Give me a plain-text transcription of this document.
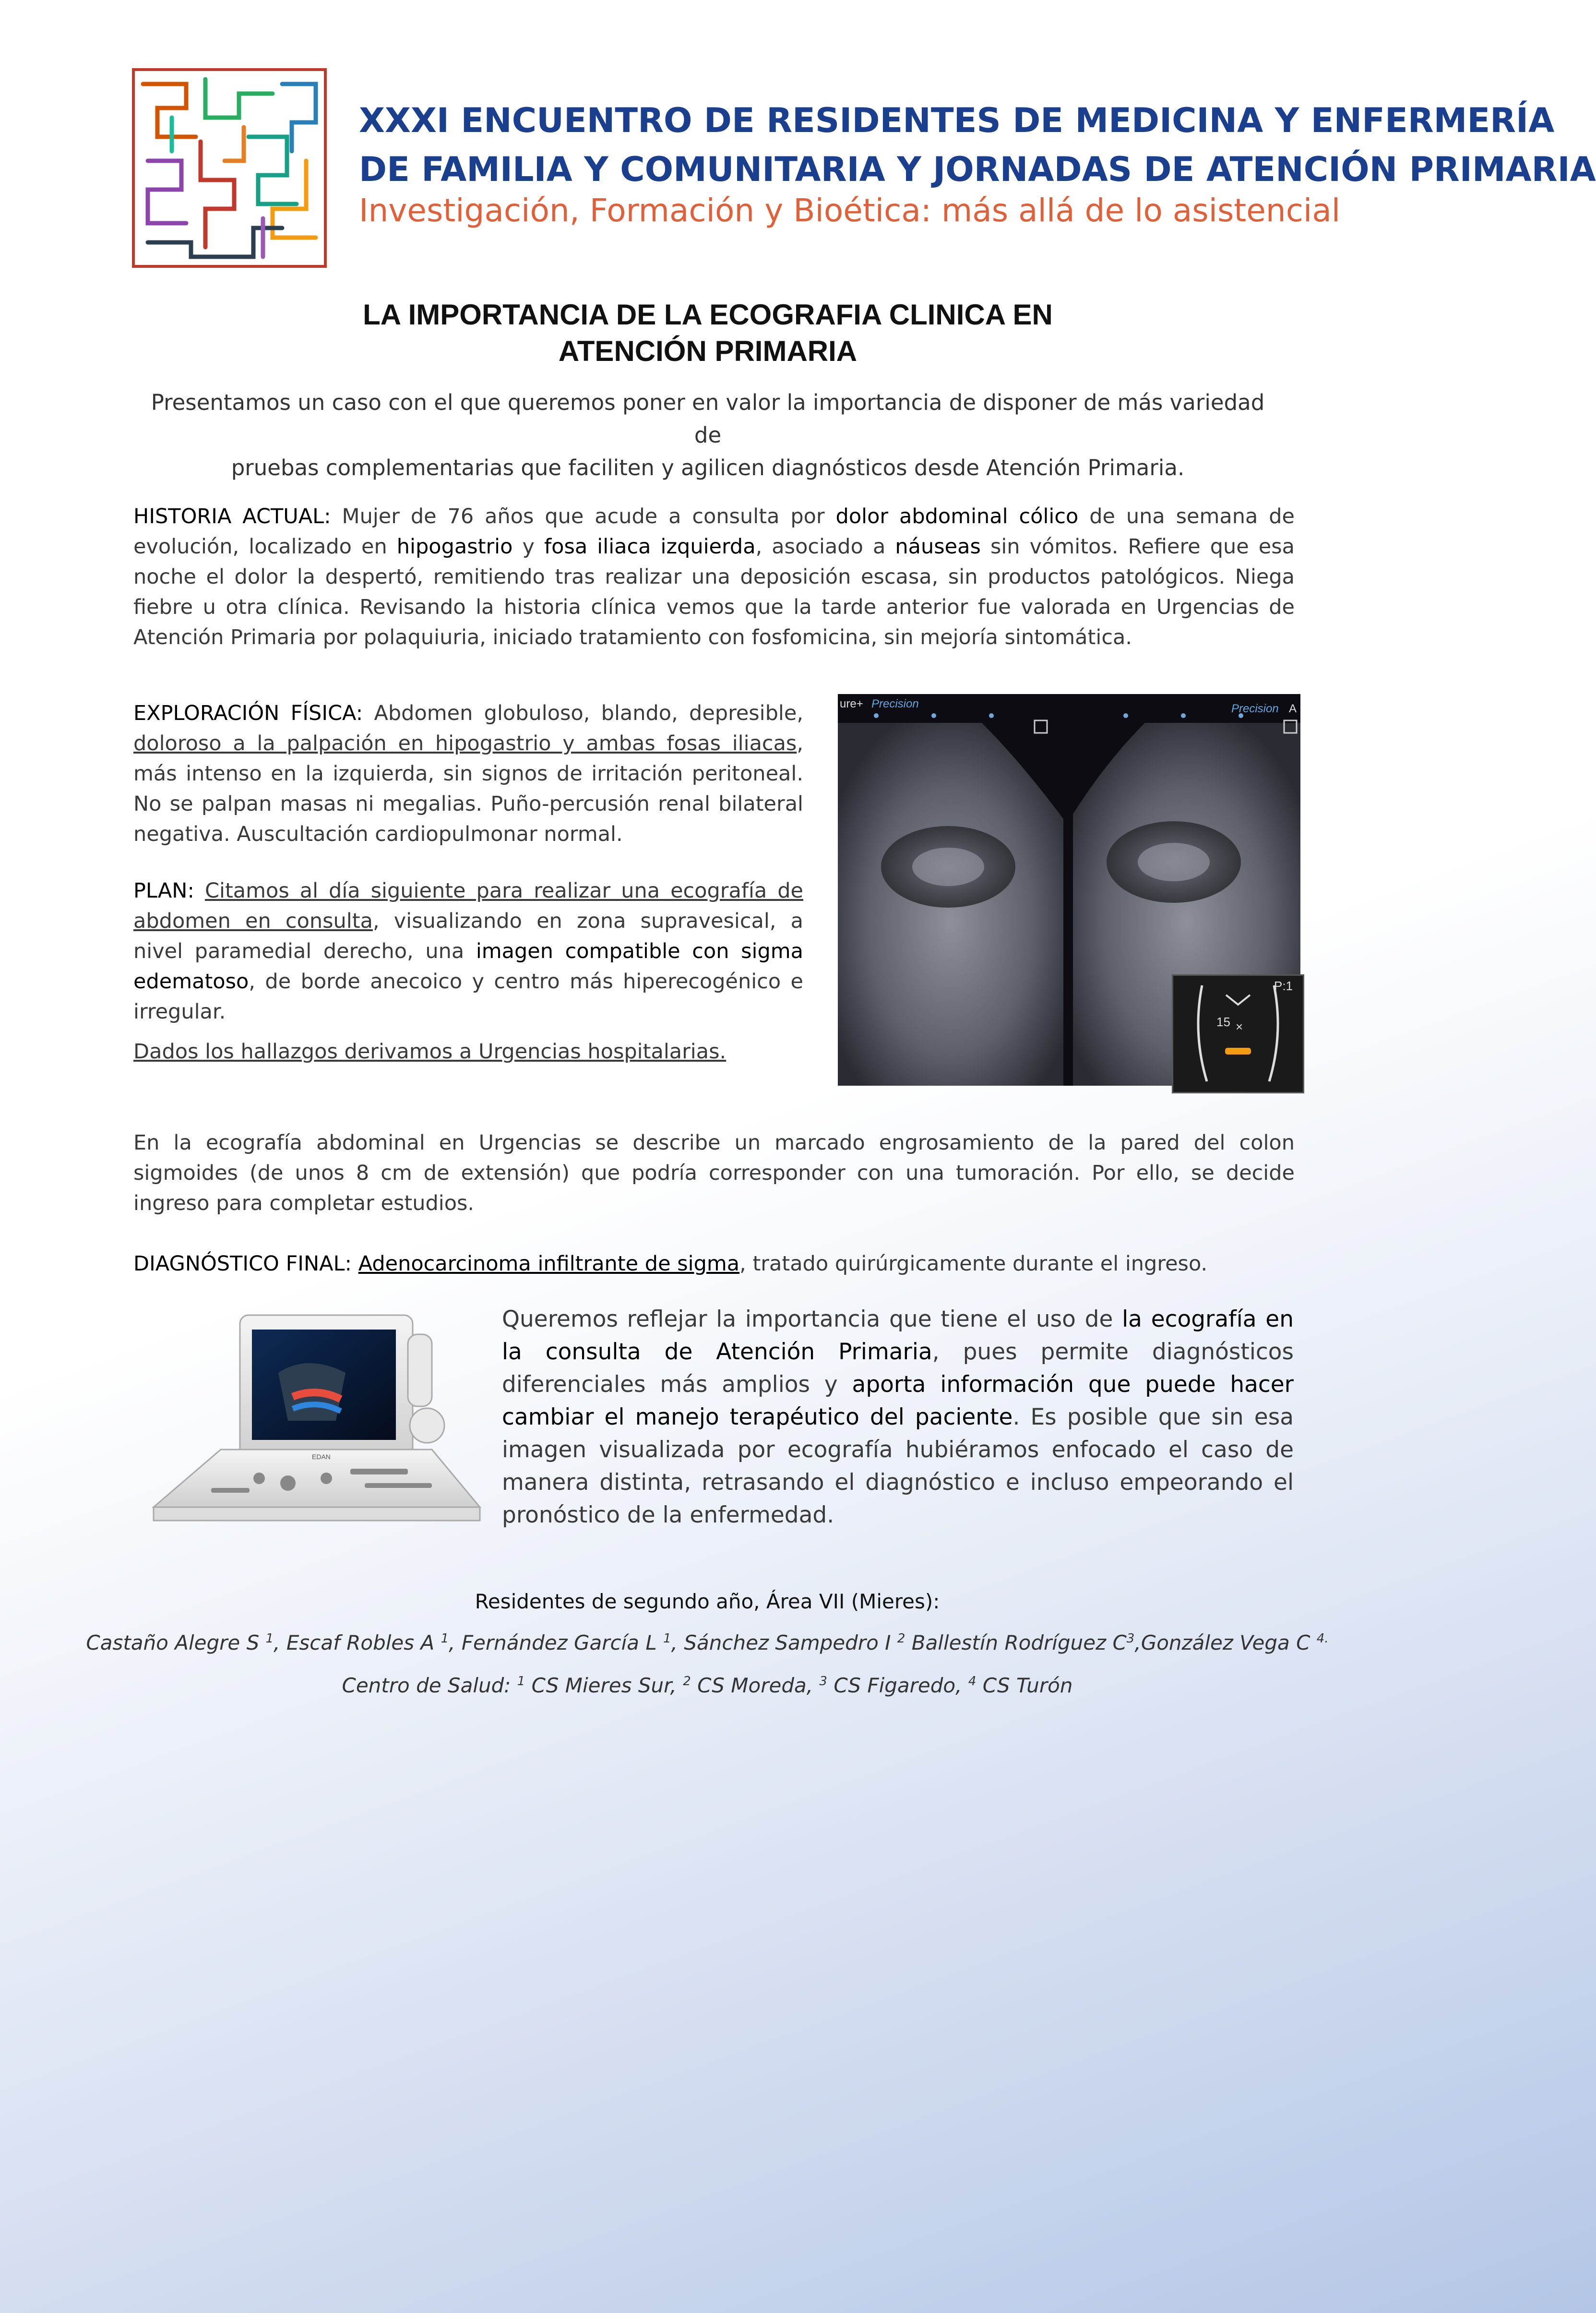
XXXI ENCUENTRO DE RESIDENTES DE MEDICINA Y ENFERMERÍA
DE FAMILIA Y COMUNITARIA Y JORNADAS DE ATENCIÓN PRIMARIA
Investigación, Formación y Bioética: más allá de lo asistencial
LA IMPORTANCIA DE LA ECOGRAFIA CLINICA EN
ATENCIÓN PRIMARIA
Presentamos un caso con el que queremos poner en valor la importancia de disponer de más variedad de
pruebas complementarias que faciliten y agilicen diagnósticos desde Atención Primaria.
HISTORIA ACTUAL: Mujer de 76 años que acude a consulta por dolor abdominal cólico de una semana de evolución, localizado en hipogastrio y fosa iliaca izquierda, asociado a náuseas sin vómitos. Refiere que esa noche el dolor la despertó, remitiendo tras realizar una deposición escasa, sin productos patológicos. Niega fiebre u otra clínica. Revisando la historia clínica vemos que la tarde anterior fue valorada en Urgencias de Atención Primaria por polaquiuria, iniciado tratamiento con fosfomicina, sin mejoría sintomática.
EXPLORACIÓN FÍSICA: Abdomen globuloso, blando, depresible, doloroso a la palpación en hipogastrio y ambas fosas iliacas, más intenso en la izquierda, sin signos de irritación peritoneal. No se palpan masas ni megalias. Puño-percusión renal bilateral negativa. Auscultación cardiopulmonar normal.
PLAN: Citamos al día siguiente para realizar una ecografía de abdomen en consulta, visualizando en zona supravesical, a nivel paramedial derecho, una imagen compatible con sigma edematoso, de borde anecoico y centro más hiperecogénico e irregular.
Dados los hallazgos derivamos a Urgencias hospitalarias.
ure+ Precision	Precision A
P:1
15 ×
En la ecografía abdominal en Urgencias se describe un marcado engrosamiento de la pared del colon sigmoides (de unos 8 cm de extensión) que podría corresponder con una tumoración. Por ello, se decide ingreso para completar estudios.
DIAGNÓSTICO FINAL: Adenocarcinoma infiltrante de sigma, tratado quirúrgicamente durante el ingreso.
EDAN
Queremos reflejar la importancia que tiene el uso de la ecografía en la consulta de Atención Primaria, pues permite diagnósticos diferenciales más amplios y aporta información que puede hacer cambiar el manejo terapéutico del paciente. Es posible que sin esa imagen visualizada por ecografía hubiéramos enfocado el caso de manera distinta, retrasando el diagnóstico e incluso empeorando el pronóstico de la enfermedad.
Residentes de segundo año, Área VII (Mieres):
Castaño Alegre S $^1$, Escaf Robles A $^1$, Fernández García L $^1$, Sánchez Sampedro I $^2$ Ballestín Rodríguez $C^3,González$ Vega C $^{4.}$
Centro de Salud: $^1$ CS Mieres Sur, $^2$ CS Moreda, $^3$ CS Figaredo, $^4$ CS Turón
